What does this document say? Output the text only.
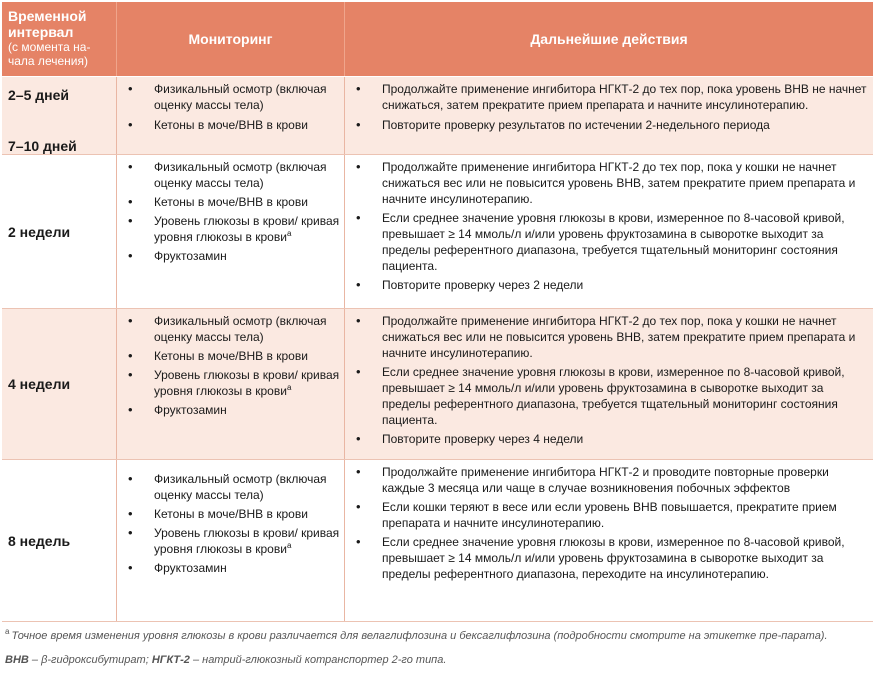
Временной интервал
(с момента на-чала лечения)
Мониторинг	Дальнейшие действия
2–5 дней
7–10 дней
• Физикальный осмотр (включая оценку массы тела)
• Кетоны в моче/ВНВ в крови
• Продолжайте применение ингибитора НГКТ-2 до тех пор, пока уровень ВНВ не начнет снижаться, затем прекратите прием препарата и начните инсулинотерапию.
• Повторите проверку результатов по истечении 2-недельного периода
2 недели
• Физикальный осмотр (включая оценку массы тела)
• Кетоны в моче/ВНВ в крови
• Уровень глюкозы в крови/ кривая уровня глюкозы в крови$^a$
• Фруктозамин
• Продолжайте применение ингибитора НГКТ-2 до тех пор, пока у кошки не начнет снижаться вес или не повысится уровень ВНВ, затем прекратите прием препарата и начните инсулинотерапию.
• Если среднее значение уровня глюкозы в крови, измеренное по 8-часовой кривой, превышает ≥ 14 ммоль/л и/или уровень фруктозамина в сыворотке выходит за пределы референтного диапазона, требуется тщательный мониторинг состояния пациента.
• Повторите проверку через 2 недели
4 недели
• Физикальный осмотр (включая оценку массы тела)
• Кетоны в моче/ВНВ в крови
• Уровень глюкозы в крови/ кривая уровня глюкозы в крови$^a$
• Фруктозамин
• Продолжайте применение ингибитора НГКТ-2 до тех пор, пока у кошки не начнет снижаться вес или не повысится уровень ВНВ, затем прекратите прием препарата и начните инсулинотерапию.
• Если среднее значение уровня глюкозы в крови, измеренное по 8-часовой кривой, превышает ≥ 14 ммоль/л и/или уровень фруктозамина в сыворотке выходит за пределы референтного диапазона, требуется тщательный мониторинг состояния пациента.
• Повторите проверку через 4 недели
8 недель
• Физикальный осмотр (включая оценку массы тела)
• Кетоны в моче/ВНВ в крови
• Уровень глюкозы в крови/ кривая уровня глюкозы в крови$^a$
• Фруктозамин
• Продолжайте применение ингибитора НГКТ-2 и проводите повторные проверки каждые 3 месяца или чаще в случае возникновения побочных эффектов
• Если кошки теряют в весе или если уровень ВНВ повышается, прекратите прием препарата и начните инсулинотерапию.
• Если среднее значение уровня глюкозы в крови, измеренное по 8-часовой кривой, превышает ≥ 14 ммоль/л и/или уровень фруктозамина в сыворотке выходит за пределы референтного диапазона, переходите на инсулинотерапию.
$^a$ Точное время изменения уровня глюкозы в крови различается для велаглифлозина и бексаглифлозина (подробности смотрите на этикетке пре-парата).
ВНВ – β-гидроксибутират; НГКТ-2 – натрий-глюкозный котранспортер 2-го типа.
